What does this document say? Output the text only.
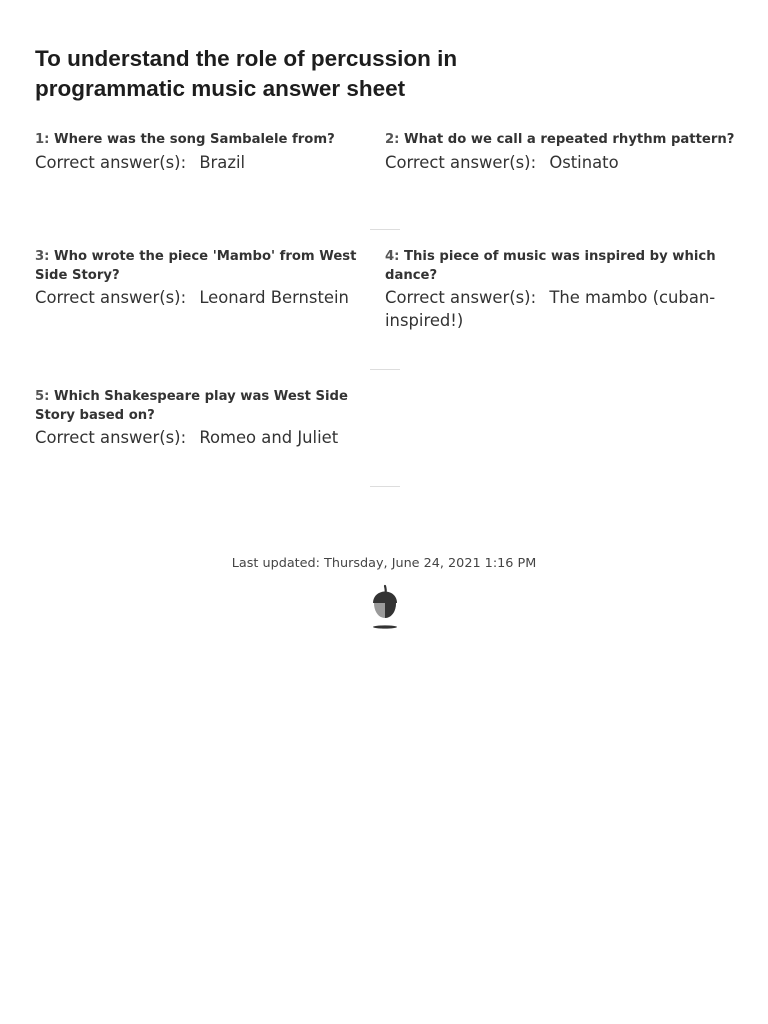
To understand the role of percussion in programmatic music answer sheet
1: Where was the song Sambalele from?
Correct answer(s): Brazil
2: What do we call a repeated rhythm pattern?
Correct answer(s): Ostinato
3: Who wrote the piece 'Mambo' from West Side Story?
Correct answer(s): Leonard Bernstein
4: This piece of music was inspired by which dance?
Correct answer(s): The mambo (cuban-inspired!)
5: Which Shakespeare play was West Side Story based on?
Correct answer(s): Romeo and Juliet
Last updated: Thursday, June 24, 2021 1:16 PM
